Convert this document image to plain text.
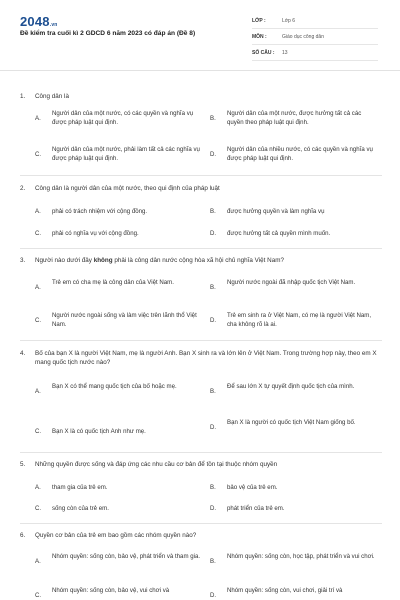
2048.vn
Đề kiểm tra cuối kì 2 GDCD 6 năm 2023 có đáp án (Đề 8)
LỚP :	Lớp 6
MÔN :	Giáo dục công dân
SỐ CÂU :	13
1.	Công dân là
A.
Người dân của một nước, có các quyền và nghĩa vụ được pháp luật qui định.
B.
Người dân của một nước, được hưởng tất cả các quyền theo pháp luật qui định.
C.
Người dân của một nước, phải làm tất cả các nghĩa vụ được pháp luật qui định.
D.
Người dân của nhiều nước, có các quyền và nghĩa vụ được pháp luật qui định.
2.	Công dân là người dân của một nước, theo qui định của pháp luật
A.	phải có trách nhiệm với cộng đồng.	B.	được hưởng quyền và làm nghĩa vụ
C.	phải có nghĩa vụ với cộng đồng.	D.	được hưởng tất cả quyền mình muốn.
3.	Người nào dưới đây không phải là công dân nước cộng hòa xã hội chủ nghĩa Việt Nam?
A.
Trẻ em có cha mẹ là công dân của Việt Nam.
B.
Người nước ngoài đã nhập quốc tịch Việt Nam.
C.
Người nước ngoài sống và làm việc trên lãnh thổ Việt Nam.
D.
Trẻ em sinh ra ở Việt Nam, có mẹ là người Việt Nam, cha không rõ là ai.
4.	Bố của bạn X là người Việt Nam, mẹ là người Anh. Bạn X sinh ra và lớn lên ở Việt Nam. Trong trường hợp này, theo em X mang quốc tịch nước nào?
A.
Bạn X có thể mang quốc tịch của bố hoặc mẹ.
B.
Để sau lớn X tự quyết định quốc tịch của mình.
C.	Bạn X là có quốc tịch Anh như mẹ.
D.
Bạn X là người có quốc tịch Việt Nam giống bố.
5.	Những quyền được sống và đáp ứng các nhu cầu cơ bản để tồn tại thuộc nhóm quyền
A.	tham gia của trẻ em.	B.	bảo vệ của trẻ em.
C.	sống còn của trẻ em.	D.	phát triển của trẻ em.
6.	Quyền cơ bản của trẻ em bao gồm các nhóm quyền nào?
A.
Nhóm quyền: sống còn, bảo vệ, phát triển và tham gia.
B.
Nhóm quyền: sống còn, học tập, phát triển và vui chơi.
C.
Nhóm quyền: sống còn, bảo vệ, vui chơi và
D.
Nhóm quyền: sống còn, vui chơi, giải trí và
